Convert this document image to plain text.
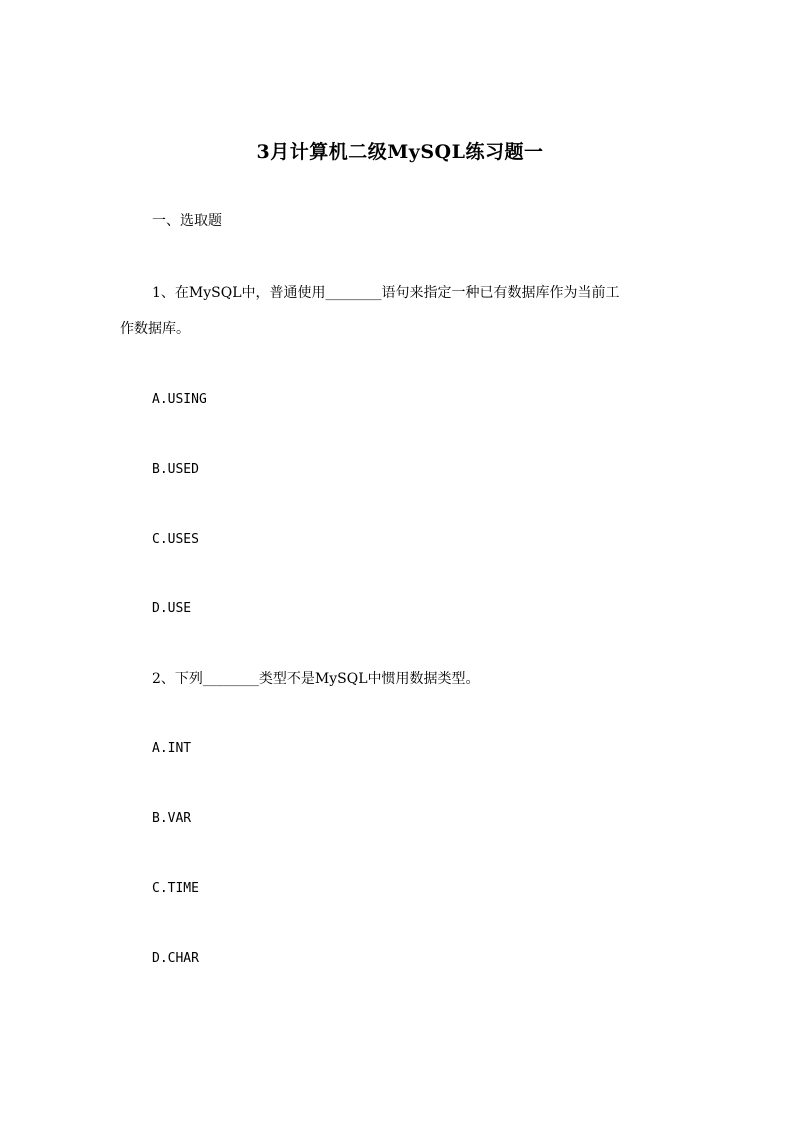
3月计算机二级MySQL练习题一
一、选取题
1、在MySQL中，普通使用________语句来指定一种已有数据库作为当前工
作数据库。
A.USING
B.USED
C.USES
D.USE
2、下列________类型不是MySQL中惯用数据类型。
A.INT
B.VAR
C.TIME
D.CHAR
